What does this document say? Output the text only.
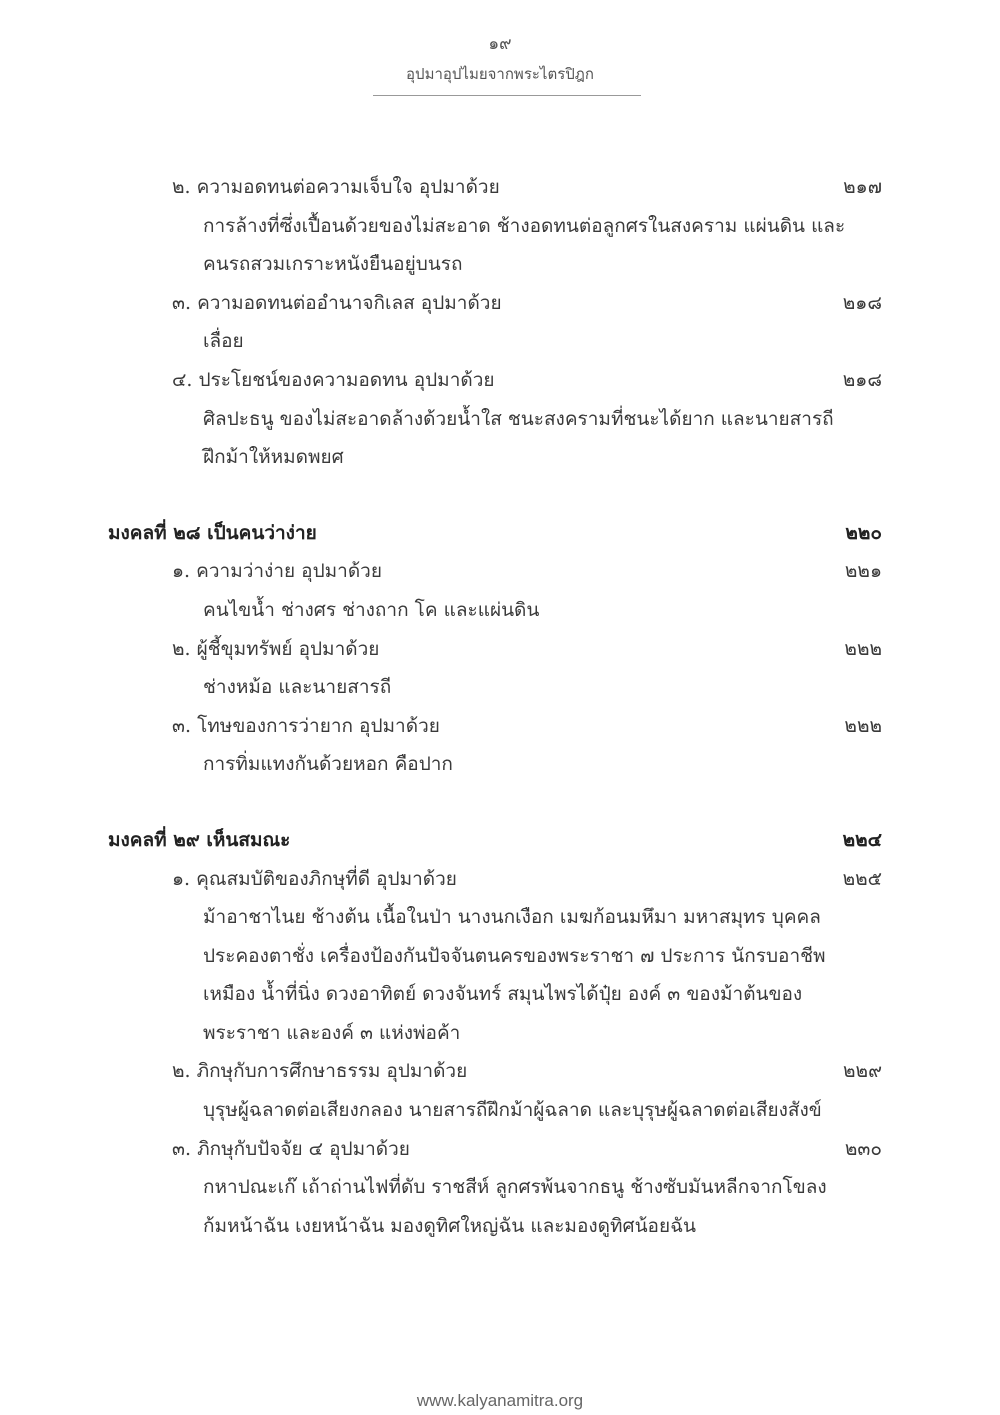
๑๙
อุปมาอุปไมยจากพระไตรปิฎก
๒. ความอดทนต่อความเจ็บใจ อุปมาด้วย	๒๑๗
การล้างที่ซึ่งเปื้อนด้วยของไม่สะอาด ช้างอดทนต่อลูกศรในสงคราม แผ่นดิน และ
คนรถสวมเกราะหนังยืนอยู่บนรถ
๓. ความอดทนต่ออำนาจกิเลส อุปมาด้วย	๒๑๘
เลื่อย
๔. ประโยชน์ของความอดทน อุปมาด้วย	๒๑๘
ศิลปะธนู ของไม่สะอาดล้างด้วยน้ำใส ชนะสงครามที่ชนะได้ยาก และนายสารถี
ฝึกม้าให้หมดพยศ
มงคลที่ ๒๘ เป็นคนว่าง่าย	๒๒๐
๑. ความว่าง่าย อุปมาด้วย	๒๒๑
คนไขน้ำ ช่างศร ช่างถาก โค และแผ่นดิน
๒. ผู้ชี้ขุมทรัพย์ อุปมาด้วย	๒๒๒
ช่างหม้อ และนายสารถี
๓. โทษของการว่ายาก อุปมาด้วย	๒๒๒
การทิ่มแทงกันด้วยหอก คือปาก
มงคลที่ ๒๙ เห็นสมณะ	๒๒๔
๑. คุณสมบัติของภิกษุที่ดี อุปมาด้วย	๒๒๕
ม้าอาชาไนย ช้างต้น เนื้อในป่า นางนกเงือก เมฆก้อนมหึมา มหาสมุทร บุคคล
ประคองตาชั่ง เครื่องป้องกันปัจจันตนครของพระราชา ๗ ประการ นักรบอาชีพ
เหมือง น้ำที่นิ่ง ดวงอาทิตย์ ดวงจันทร์ สมุนไพรได้ปุ๋ย องค์ ๓ ของม้าต้นของ
พระราชา และองค์ ๓ แห่งพ่อค้า
๒. ภิกษุกับการศึกษาธรรม อุปมาด้วย	๒๒๙
บุรุษผู้ฉลาดต่อเสียงกลอง นายสารถีฝึกม้าผู้ฉลาด และบุรุษผู้ฉลาดต่อเสียงสังข์
๓. ภิกษุกับปัจจัย ๔ อุปมาด้วย	๒๓๐
กหาปณะเก๊ เถ้าถ่านไฟที่ดับ ราชสีห์ ลูกศรพ้นจากธนู ช้างซับมันหลีกจากโขลง
ก้มหน้าฉัน เงยหน้าฉัน มองดูทิศใหญ่ฉัน และมองดูทิศน้อยฉัน
www.kalyanamitra.org
